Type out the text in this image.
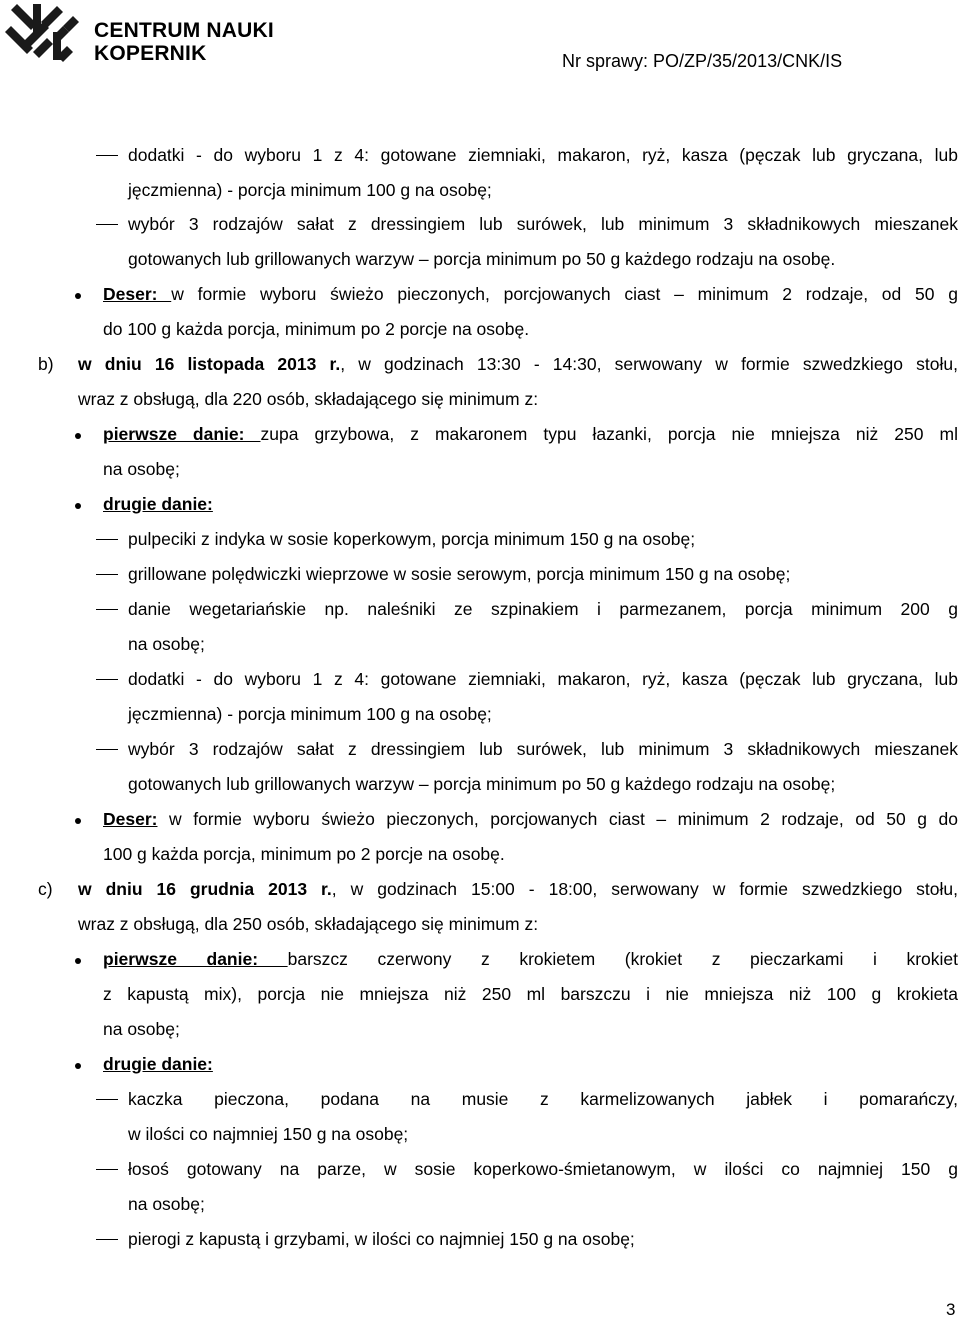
CENTRUM NAUKI
KOPERNIK	Nr sprawy: PO/ZP/35/2013/CNK/IS
dodatki - do wyboru 1 z 4: gotowane ziemniaki, makaron, ryż, kasza (pęczak lub gryczana, lub
jęczmienna) - porcja minimum 100 g na osobę;
wybór 3 rodzajów sałat z dressingiem lub surówek, lub minimum 3 składnikowych mieszanek
gotowanych lub grillowanych warzyw – porcja minimum po 50 g każdego rodzaju na osobę.
Deser: w formie wyboru świeżo pieczonych, porcjowanych ciast – minimum 2 rodzaje, od 50 g
do 100 g każda porcja, minimum po 2 porcje na osobę.
b) w dniu 16 listopada 2013 r., w godzinach 13:30 - 14:30, serwowany w formie szwedzkiego stołu,
wraz z obsługą, dla 220 osób, składającego się minimum z:
pierwsze danie: zupa grzybowa, z makaronem typu łazanki, porcja nie mniejsza niż 250 ml
na osobę;
drugie danie:
pulpeciki z indyka w sosie koperkowym, porcja minimum 150 g na osobę;
grillowane polędwiczki wieprzowe w sosie serowym, porcja minimum 150 g na osobę;
danie wegetariańskie np. naleśniki ze szpinakiem i parmezanem, porcja minimum 200 g
na osobę;
dodatki - do wyboru 1 z 4: gotowane ziemniaki, makaron, ryż, kasza (pęczak lub gryczana, lub
jęczmienna) - porcja minimum 100 g na osobę;
wybór 3 rodzajów sałat z dressingiem lub surówek, lub minimum 3 składnikowych mieszanek
gotowanych lub grillowanych warzyw – porcja minimum po 50 g każdego rodzaju na osobę;
Deser: w formie wyboru świeżo pieczonych, porcjowanych ciast – minimum 2 rodzaje, od 50 g do
100 g każda porcja, minimum po 2 porcje na osobę.
c) w dniu 16 grudnia 2013 r., w godzinach 15:00 - 18:00, serwowany w formie szwedzkiego stołu,
wraz z obsługą, dla 250 osób, składającego się minimum z:
pierwsze danie: barszcz czerwony z krokietem (krokiet z pieczarkami i krokiet
z kapustą mix), porcja nie mniejsza niż 250 ml barszczu i nie mniejsza niż 100 g krokieta
na osobę;
drugie danie:
kaczka pieczona, podana na musie z karmelizowanych jabłek i pomarańczy,
w ilości co najmniej 150 g na osobę;
łosoś gotowany na parze, w sosie koperkowo-śmietanowym, w ilości co najmniej 150 g
na osobę;
pierogi z kapustą i grzybami, w ilości co najmniej 150 g na osobę;
3
